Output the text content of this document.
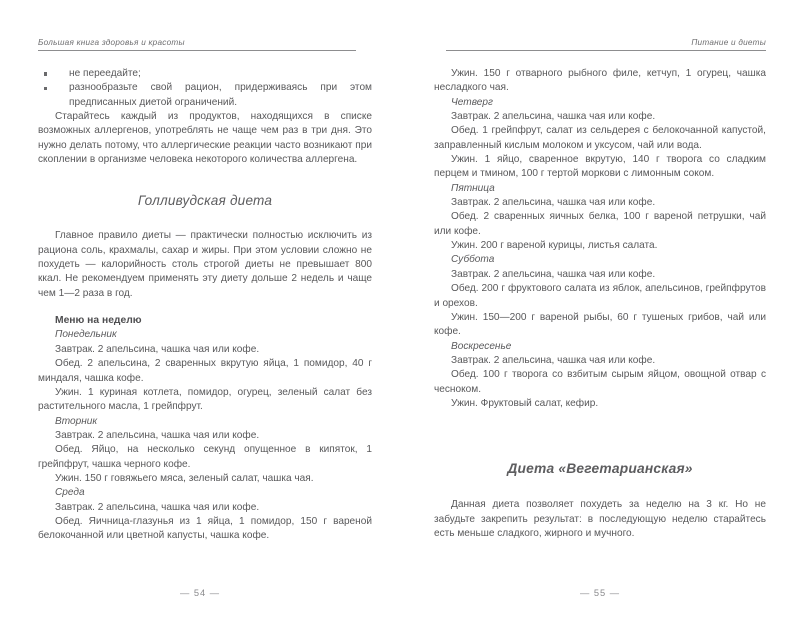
Большая книга здоровья и красоты
не переедайте;
разнообразьте свой рацион, придерживаясь при этом предписанных диетой ограничений.

Старайтесь каждый из продуктов, находящихся в списке возможных аллергенов, употреблять не чаще чем раз в три дня. Это нужно делать потому, что аллергические реакции часто возникают при скоплении в организме человека некоторого количества аллергена.

Голливудская диета

Главное правило диеты — практически полностью исключить из рациона соль, крахмалы, сахар и жиры. При этом условии сложно не похудеть — калорийность столь строгой диеты не превышает 800 ккал. Не рекомендуем применять эту диету дольше 2 недель и чаще чем 1—2 раза в год.

Меню на неделю
Понедельник

Завтрак. 2 апельсина, чашка чая или кофе.

Обед. 2 апельсина, 2 сваренных вкрутую яйца, 1 помидор, 40 г миндаля, чашка кофе.

Ужин. 1 куриная котлета, помидор, огурец, зеленый салат без растительного масла, 1 грейпфрут.

Вторник

Завтрак. 2 апельсина, чашка чая или кофе.

Обед. Яйцо, на несколько секунд опущенное в кипяток, 1 грейпфрут, чашка черного кофе.

Ужин. 150 г говяжьего мяса, зеленый салат, чашка чая.

Среда

Завтрак. 2 апельсина, чашка чая или кофе.

Обед. Яичница-глазунья из 1 яйца, 1 помидор, 150 г вареной белокочанной или цветной капусты, чашка кофе.

— 54 —
Питание и диеты

Ужин. 150 г отварного рыбного филе, кетчуп, 1 огурец, чашка несладкого чая.

Четверг

Завтрак. 2 апельсина, чашка чая или кофе.

Обед. 1 грейпфрут, салат из сельдерея с белокочанной капустой, заправленный кислым молоком и уксусом, чай или вода.

Ужин. 1 яйцо, сваренное вкрутую, 140 г творога со сладким перцем и тмином, 100 г тертой моркови с лимонным соком.

Пятница

Завтрак. 2 апельсина, чашка чая или кофе.

Обед. 2 сваренных яичных белка, 100 г вареной петрушки, чай или кофе.

Ужин. 200 г вареной курицы, листья салата.

Суббота

Завтрак. 2 апельсина, чашка чая или кофе.

Обед. 200 г фруктового салата из яблок, апельсинов, грейпфрутов и орехов.

Ужин. 150—200 г вареной рыбы, 60 г тушеных грибов, чай или кофе.

Воскресенье

Завтрак. 2 апельсина, чашка чая или кофе.

Обед. 100 г творога со взбитым сырым яйцом, овощной отвар с чесноком.

Ужин. Фруктовый салат, кефир.

Диета «Вегетарианская»

Данная диета позволяет похудеть за неделю на 3 кг. Но не забудьте закрепить результат: в последующую неделю старайтесь есть меньше сладкого, жирного и мучного.

— 55 —
